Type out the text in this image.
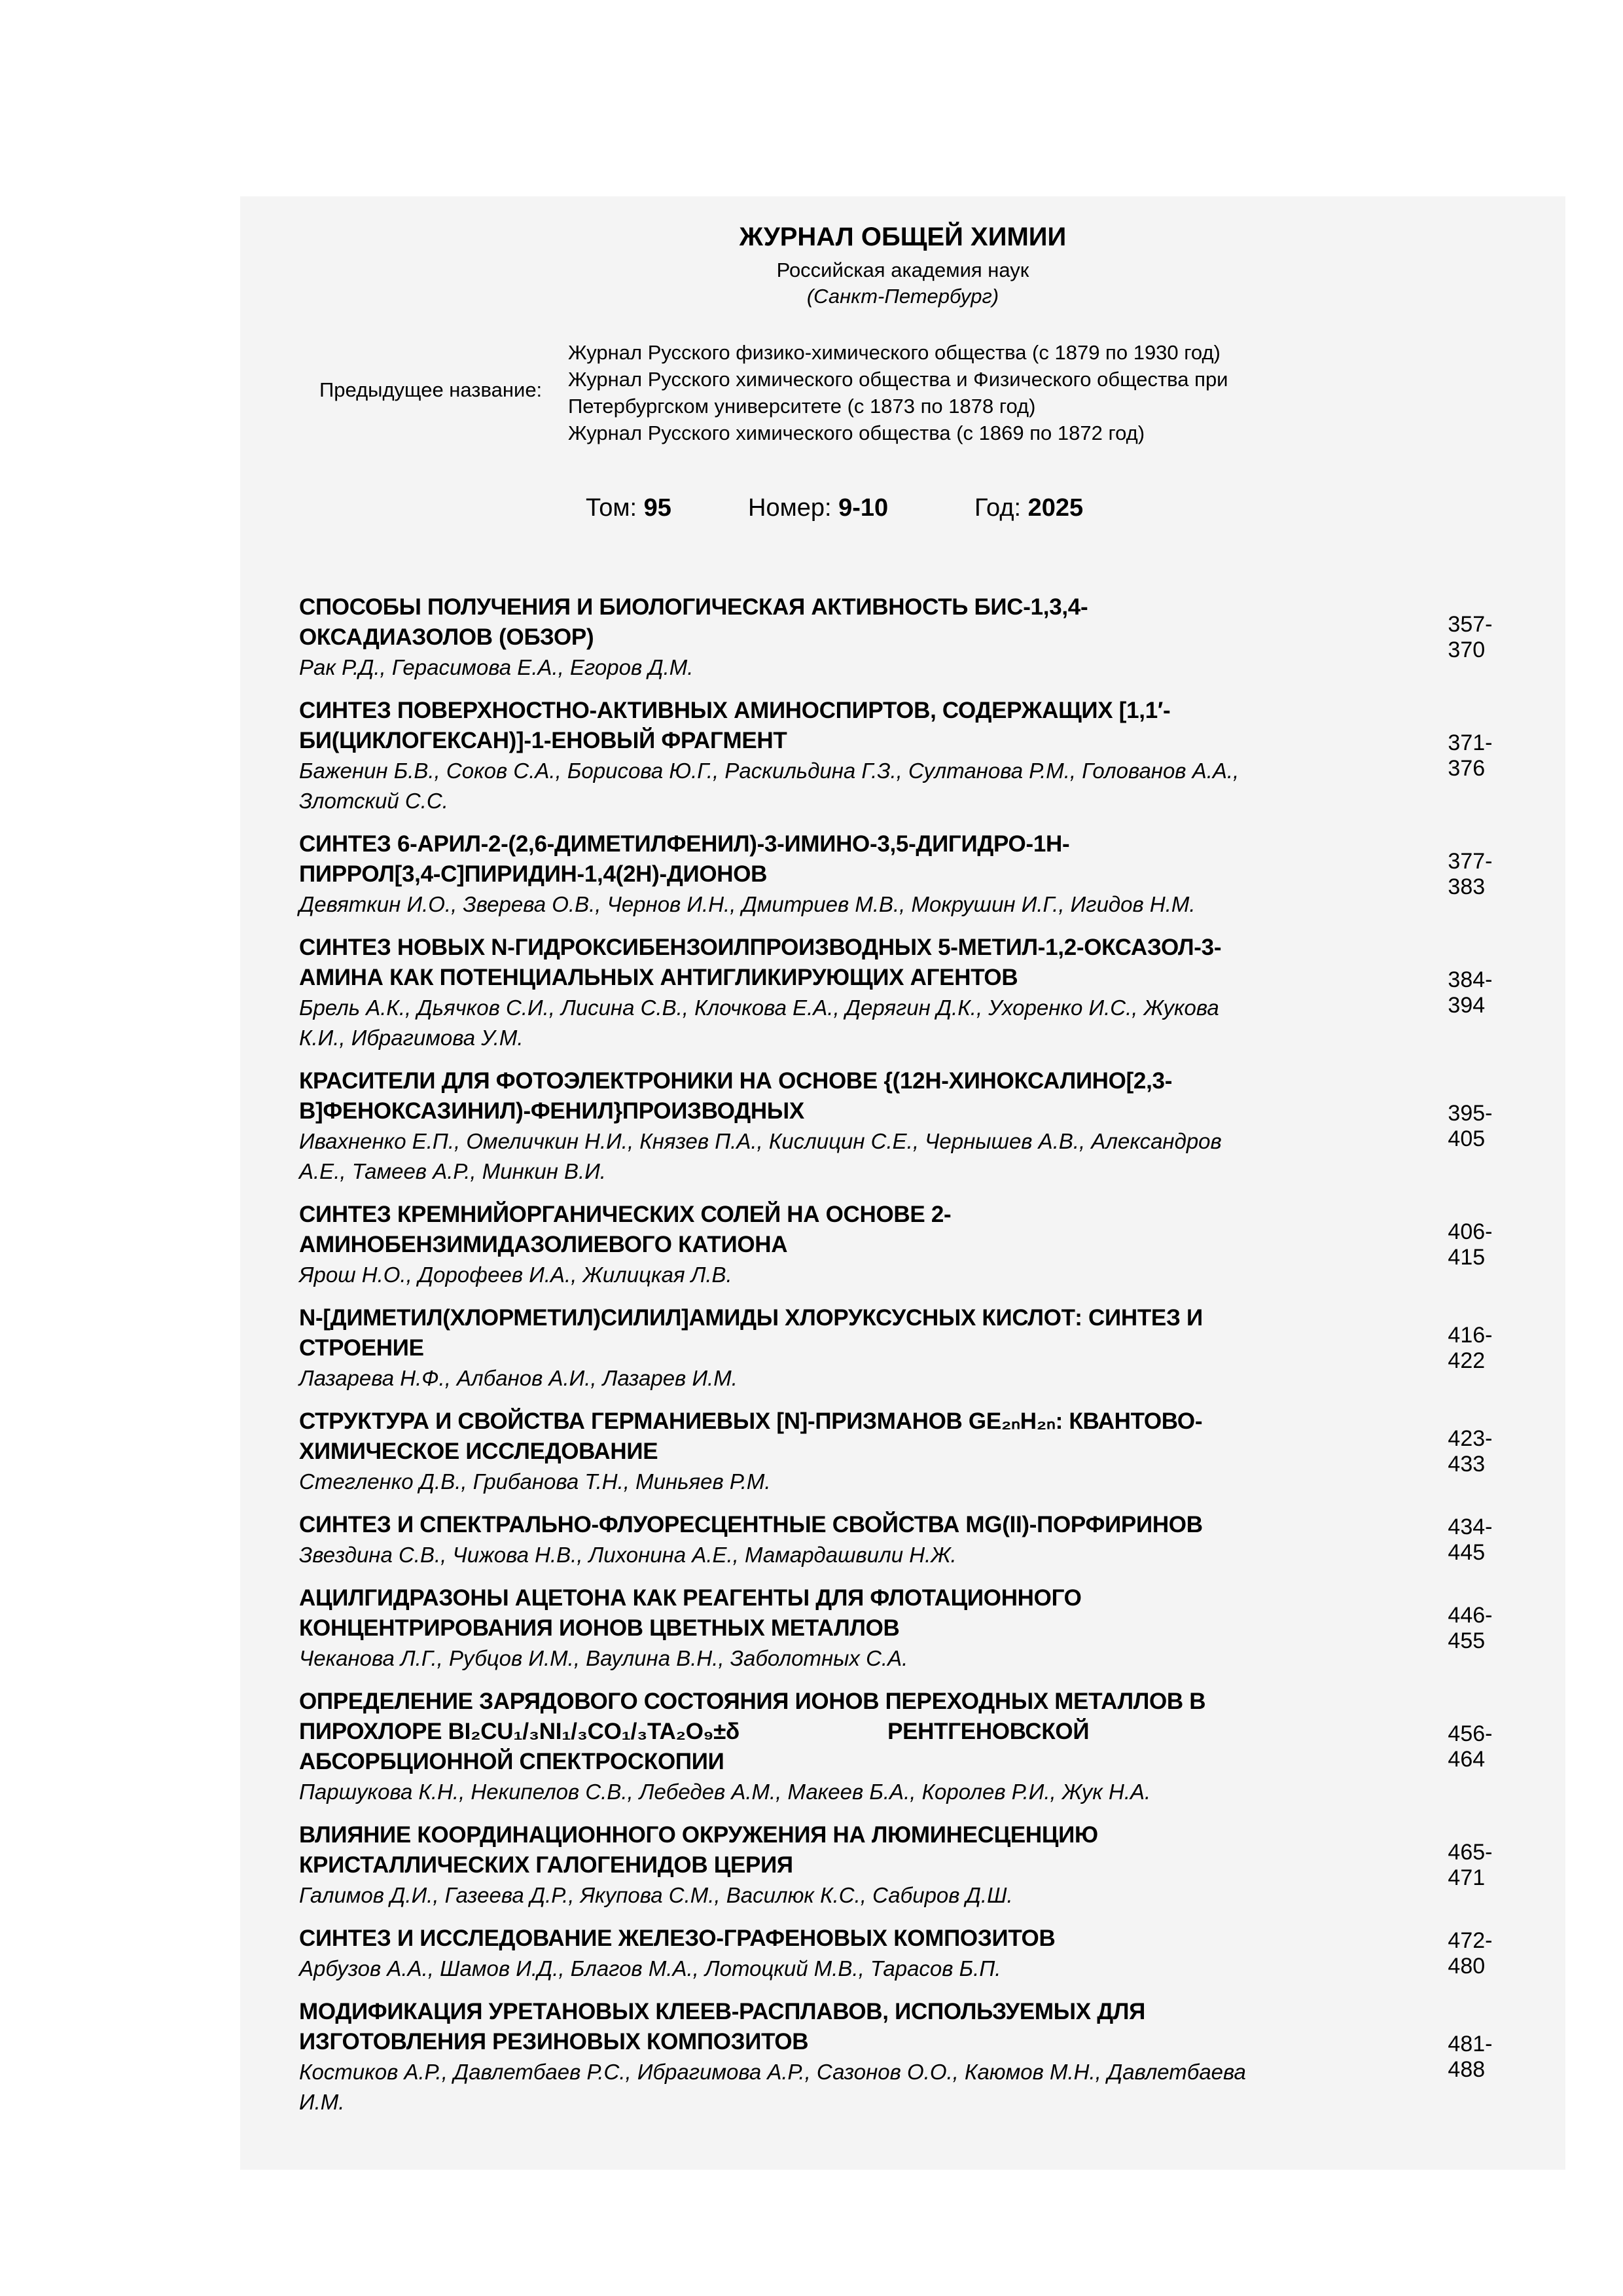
ЖУРНАЛ ОБЩЕЙ ХИМИИ
Российская академия наук
(Санкт-Петербург)
Предыдущее название:
Журнал Русского физико-химического общества (с 1879 по 1930 год)
Журнал Русского химического общества и Физического общества при
Петербургском университете (с 1873 по 1878 год)
Журнал Русского химического общества (с 1869 по 1872 год)
Том: 95	Номер: 9-10	Год: 2025
СПОСОБЫ ПОЛУЧЕНИЯ И БИОЛОГИЧЕСКАЯ АКТИВНОСТЬ БИС-1,3,4-
ОКСАДИАЗОЛОВ (ОБЗОР)
Рак Р.Д., Герасимова Е.А., Егоров Д.М.
357-370
СИНТЕЗ ПОВЕРХНОСТНО-АКТИВНЫХ АМИНОСПИРТОВ, СОДЕРЖАЩИХ [1,1′-
БИ(ЦИКЛОГЕКСАН)]-1-ЕНОВЫЙ ФРАГМЕНТ
Баженин Б.В., Соков С.А., Борисова Ю.Г., Раскильдина Г.З., Султанова Р.М., Голованов А.А.,
Злотский С.С.
371-376
СИНТЕЗ 6-АРИЛ-2-(2,6-ДИМЕТИЛФЕНИЛ)-3-ИМИНО-3,5-ДИГИДРО-1Н-
ПИРРОЛ[3,4-С]ПИРИДИН-1,4(2Н)-ДИОНОВ
Девяткин И.О., Зверева О.В., Чернов И.Н., Дмитриев М.В., Мокрушин И.Г., Игидов Н.М.
377-383
СИНТЕЗ НОВЫХ N-ГИДРОКСИБЕНЗОИЛПРОИЗВОДНЫХ 5-МЕТИЛ-1,2-ОКСАЗОЛ-3-
АМИНА КАК ПОТЕНЦИАЛЬНЫХ АНТИГЛИКИРУЮЩИХ АГЕНТОВ
Брель А.К., Дьячков С.И., Лисина С.В., Клочкова Е.А., Дерягин Д.К., Ухоренко И.С., Жукова
К.И., Ибрагимова У.М.
384-394
КРАСИТЕЛИ ДЛЯ ФОТОЭЛЕКТРОНИКИ НА ОСНОВЕ {(12Н-ХИНОКСАЛИНО[2,3-
B]ФЕНОКСАЗИНИЛ)-ФЕНИЛ}ПРОИЗВОДНЫХ
Ивахненко Е.П., Омеличкин Н.И., Князев П.А., Кислицин С.Е., Чернышев А.В., Александров
А.Е., Тамеев А.Р., Минкин В.И.
395-405
СИНТЕЗ КРЕМНИЙОРГАНИЧЕСКИХ СОЛЕЙ НА ОСНОВЕ 2-
АМИНОБЕНЗИМИДАЗОЛИЕВОГО КАТИОНА
Ярош Н.О., Дорофеев И.А., Жилицкая Л.В.
406-415
N-[ДИМЕТИЛ(ХЛОРМЕТИЛ)СИЛИЛ]АМИДЫ ХЛОРУКСУСНЫХ КИСЛОТ: СИНТЕЗ И
СТРОЕНИЕ
Лазарева Н.Ф., Албанов А.И., Лазарев И.М.
416-422
СТРУКТУРА И СВОЙСТВА ГЕРМАНИЕВЫХ [N]-ПРИЗМАНОВ GE₂ₙH₂ₙ: КВАНТОВО-
ХИМИЧЕСКОЕ ИССЛЕДОВАНИЕ
Стегленко Д.В., Грибанова Т.Н., Миньяев Р.М.
423-433
СИНТЕЗ И СПЕКТРАЛЬНО-ФЛУОРЕСЦЕНТНЫЕ СВОЙСТВА MG(II)-ПОРФИРИНОВ
Звездина С.В., Чижова Н.В., Лихонина А.Е., Мамардашвили Н.Ж.
434-445
АЦИЛГИДРАЗОНЫ АЦЕТОНА КАК РЕАГЕНТЫ ДЛЯ ФЛОТАЦИОННОГО
КОНЦЕНТРИРОВАНИЯ ИОНОВ ЦВЕТНЫХ МЕТАЛЛОВ
Чеканова Л.Г., Рубцов И.М., Ваулина В.Н., Заболотных С.А.
446-455
ОПРЕДЕЛЕНИЕ ЗАРЯДОВОГО СОСТОЯНИЯ ИОНОВ ПЕРЕХОДНЫХ МЕТАЛЛОВ В
ПИРОХЛОРЕ BI₂CU₁/₃NI₁/₃CO₁/₃TA₂O₉±δ                        РЕНТГЕНОВСКОЙ
АБСОРБЦИОННОЙ СПЕКТРОСКОПИИ
Паршукова К.Н., Некипелов С.В., Лебедев А.М., Макеев Б.А., Королев Р.И., Жук Н.А.
456-464
ВЛИЯНИЕ КООРДИНАЦИОННОГО ОКРУЖЕНИЯ НА ЛЮМИНЕСЦЕНЦИЮ
КРИСТАЛЛИЧЕСКИХ ГАЛОГЕНИДОВ ЦЕРИЯ
Галимов Д.И., Газеева Д.Р., Якупова С.М., Василюк К.С., Сабиров Д.Ш.
465-471
СИНТЕЗ И ИССЛЕДОВАНИЕ ЖЕЛЕЗО-ГРАФЕНОВЫХ КОМПОЗИТОВ
Арбузов А.А., Шамов И.Д., Благов М.А., Лотоцкий М.В., Тарасов Б.П.
472-480
МОДИФИКАЦИЯ УРЕТАНОВЫХ КЛЕЕВ-РАСПЛАВОВ, ИСПОЛЬЗУЕМЫХ ДЛЯ
ИЗГОТОВЛЕНИЯ РЕЗИНОВЫХ КОМПОЗИТОВ
Костиков А.Р., Давлетбаев Р.С., Ибрагимова А.Р., Сазонов О.О., Каюмов М.Н., Давлетбаева
И.М.
481-488
